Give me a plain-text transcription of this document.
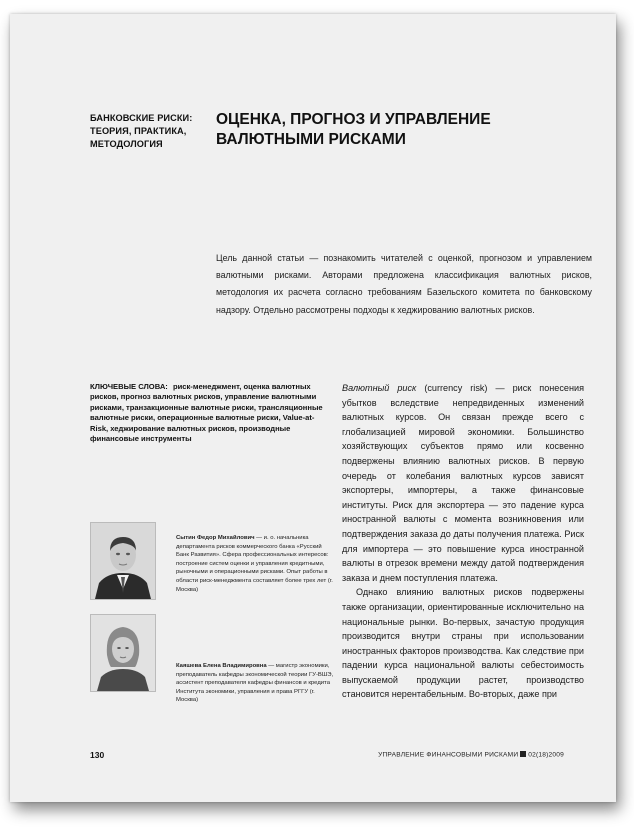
БАНКОВСКИЕ РИСКИ: ТЕОРИЯ, ПРАКТИКА, МЕТОДОЛОГИЯ
ОЦЕНКА, ПРОГНОЗ И УПРАВЛЕНИЕ ВАЛЮТНЫМИ РИСКАМИ
Цель данной статьи — познакомить читателей с оценкой, прогнозом и управлением валютными рисками. Авторами предложена классификация валютных рисков, методология их расчета согласно требованиям Базельского комитета по банковскому надзору. Отдельно рассмотрены подходы к хеджированию валютных рисков.
КЛЮЧЕВЫЕ СЛОВА: риск-менеджмент, оценка валютных рисков, прогноз валютных рисков, управление валютными рисками, транзакционные валютные риски, трансляционные валютные риски, операционные валютные риски, Value-at-Risk, хеджирование валютных рисков, производные финансовые инструменты
Сытин Федор Михайлович — и. о. начальника департамента рисков коммерческого банка «Русский Банк Развития». Сфера профессиональных интересов: построение систем оценки и управления кредитными, рыночными и операционными рисками. Опыт работы в области риск-менеджмента составляет более трех лет (г. Москва)
Каяшева Елена Владимировна — магистр экономики, преподаватель кафедры экономической теории ГУ-ВШЭ, ассистент преподавателя кафедры финансов и кредита Института экономики, управления и права РГГУ (г. Москва)

Валютный риск (currency risk) — риск понесения убытков вследствие непредвиденных изменений валютных курсов. Он связан прежде всего с глобализацией мировой экономики. Большинство хозяйствующих субъектов прямо или косвенно подвержены влиянию валютных рисков. В первую очередь от колебания валютных курсов зависят экспортеры, импортеры, а также финансовые институты. Риск для экспортера — это падение курса иностранной валюты с момента возникновения или подтверждения заказа до даты получения платежа. Риск для импортера — это повышение курса иностранной валюты в отрезок времени между датой подтверждения заказа и днем поступления платежа.

Однако влиянию валютных рисков подвержены также организации, ориентированные исключительно на национальные рынки. Во-первых, зачастую продукция производится внутри страны при использовании иностранных факторов производства. Как следствие при падении курса национальной валюты себестоимость выпускаемой продукции растет, производство становится нерентабельным. Во-вторых, даже при

130	УПРАВЛЕНИЕ ФИНАНСОВЫМИ РИСКАМИ 02(18)2009
